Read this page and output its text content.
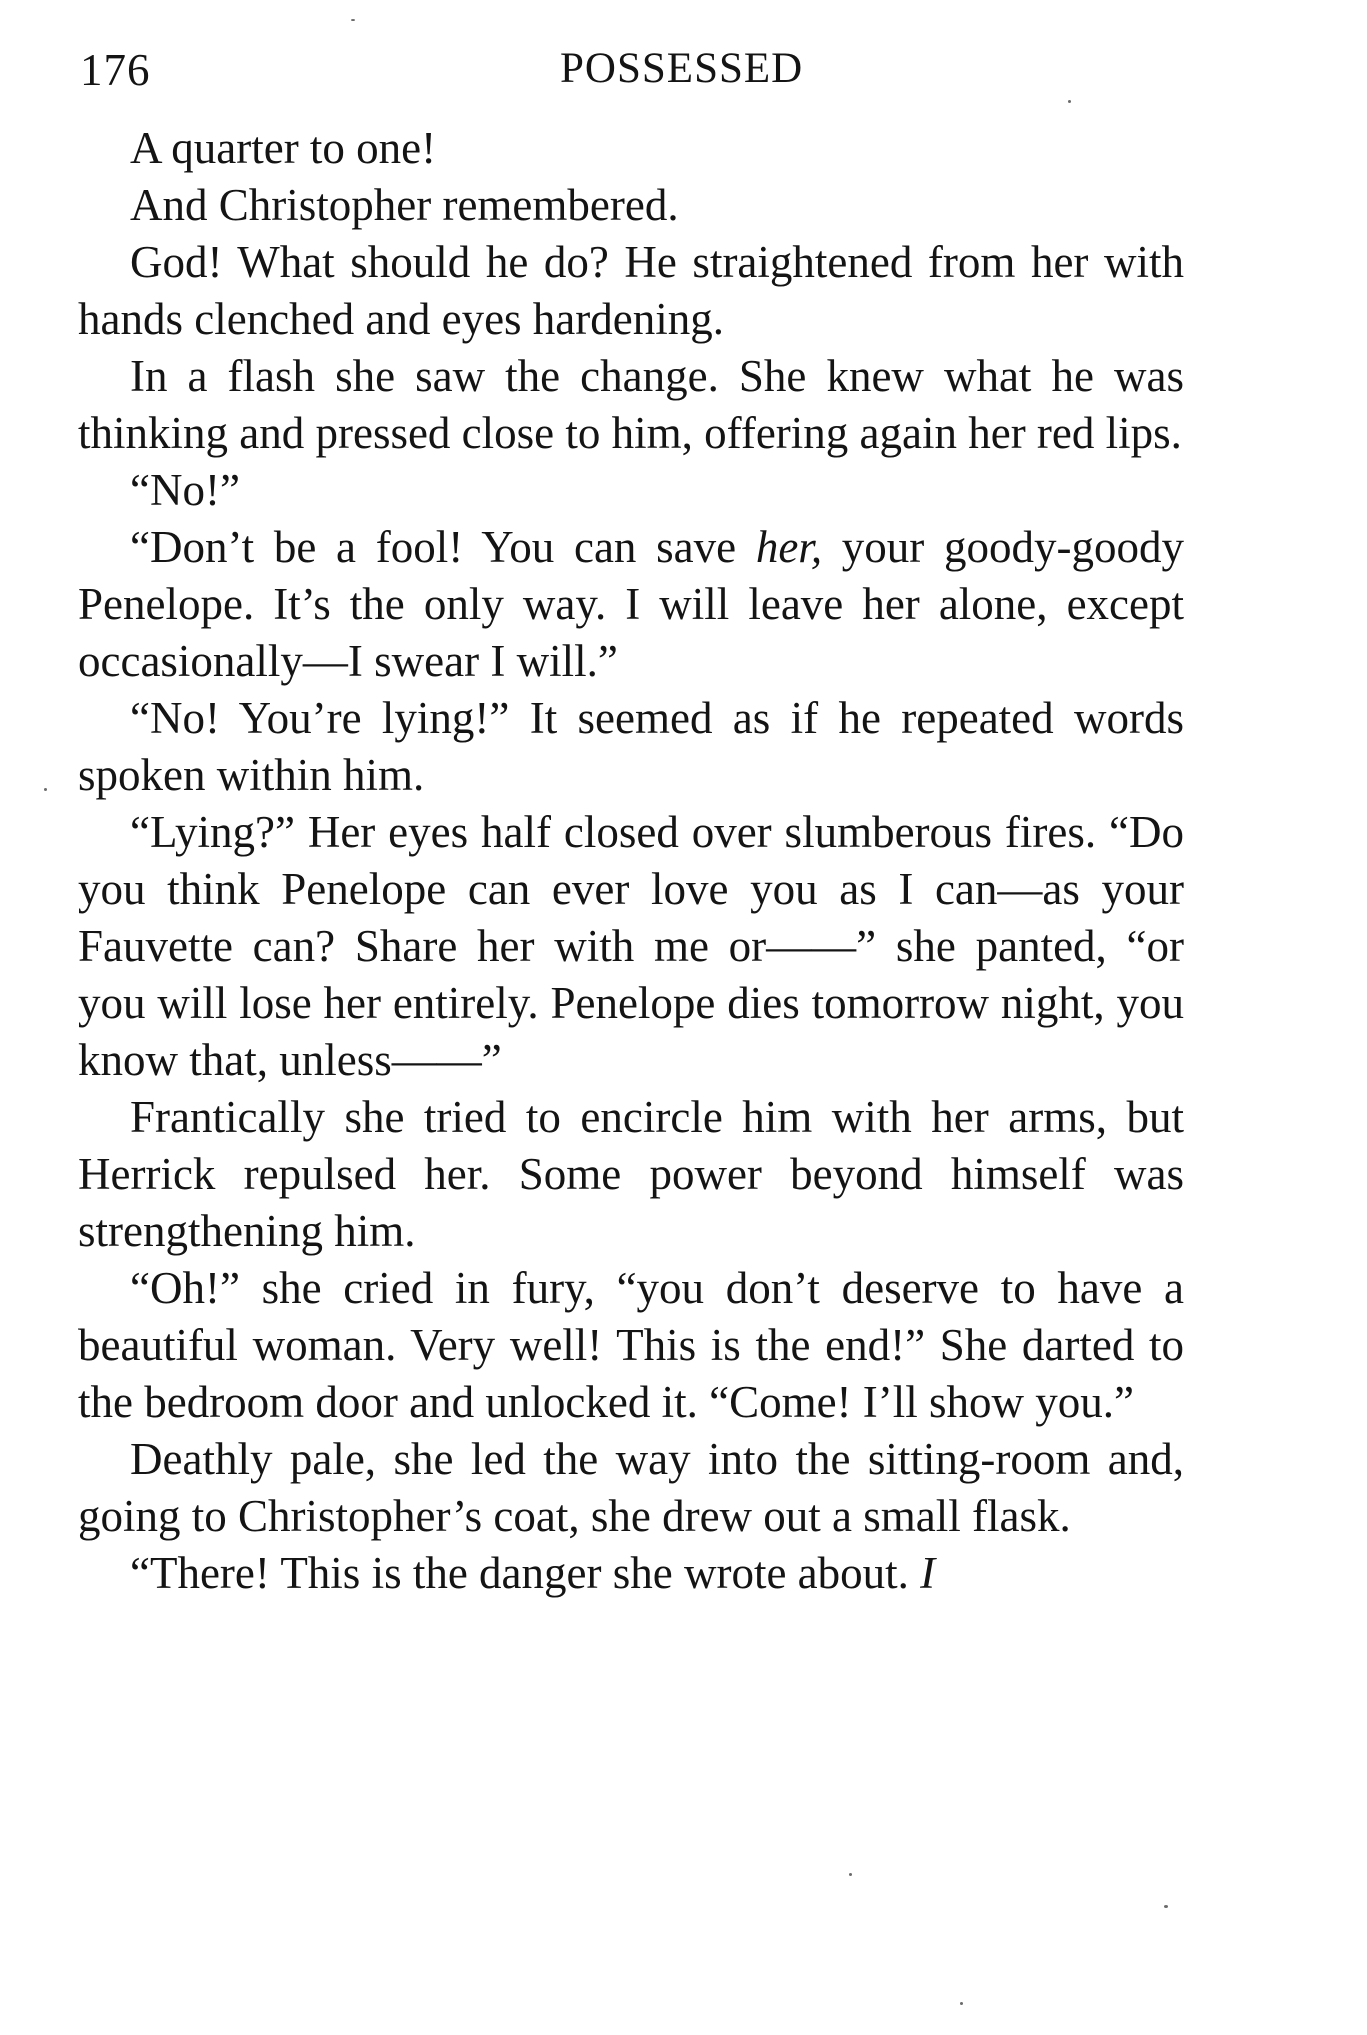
176	POSSESSED

A quarter to one!

And Christopher remembered.

God! What should he do? He straightened from her with hands clenched and eyes hardening.

In a flash she saw the change. She knew what he was thinking and pressed close to him, offering again her red lips.

“No!”

“Don’t be a fool! You can save her, your goody-goody Penelope. It’s the only way. I will leave her alone, except occasionally—I swear I will.”

“No! You’re lying!” It seemed as if he repeated words spoken within him.

“Lying?” Her eyes half closed over slumberous fires. “Do you think Penelope can ever love you as I can—as your Fauvette can? Share her with me or——” she panted, “or you will lose her entirely. Penelope dies tomorrow night, you know that, unless——”

Frantically she tried to encircle him with her arms, but Herrick repulsed her. Some power beyond himself was strengthening him.

“Oh!” she cried in fury, “you don’t deserve to have a beautiful woman. Very well! This is the end!” She darted to the bedroom door and unlocked it. “Come! I’ll show you.”

Deathly pale, she led the way into the sitting-room and, going to Christopher’s coat, she drew out a small flask.

“There! This is the danger she wrote about. I
